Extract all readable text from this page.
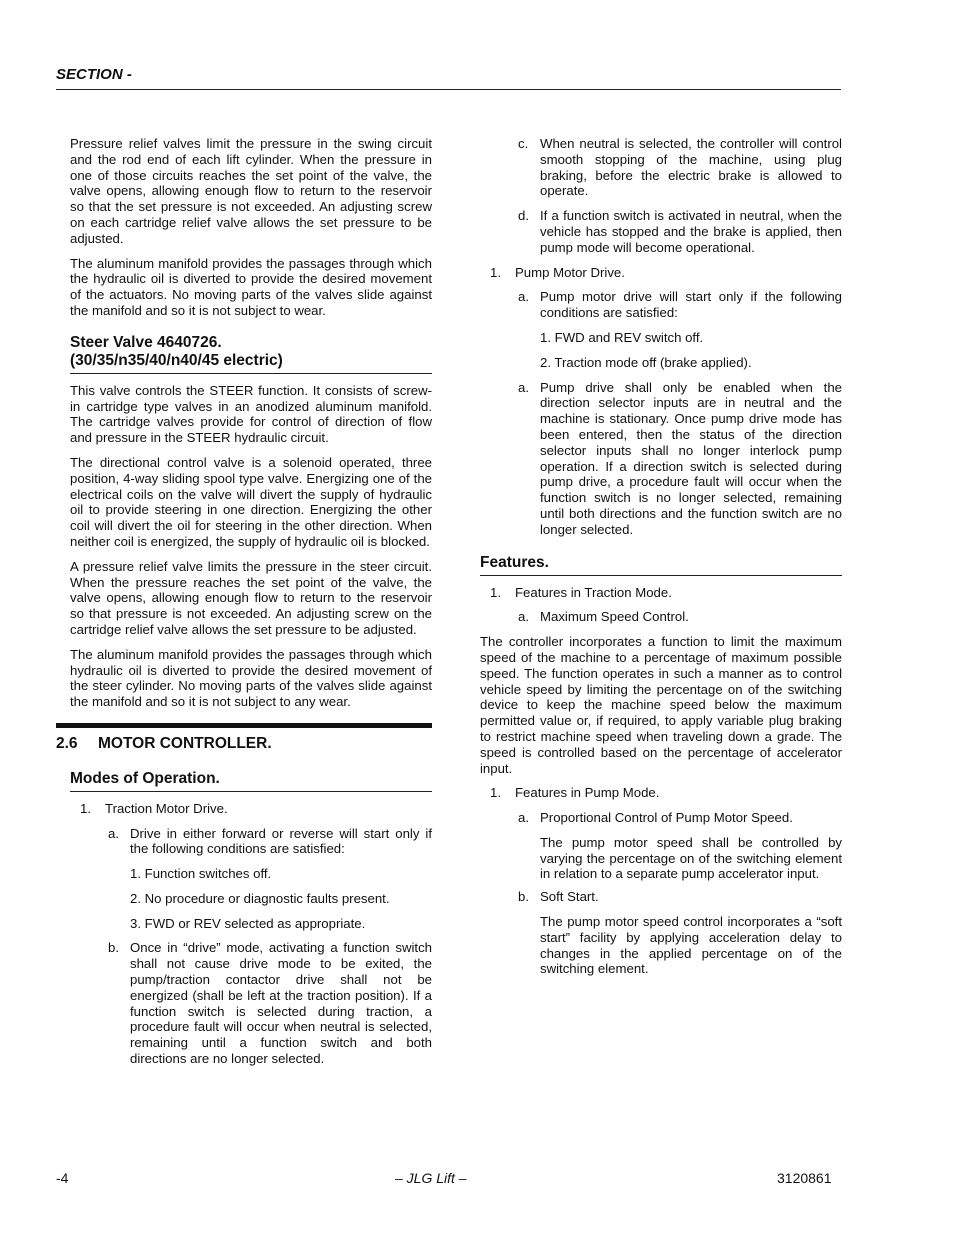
SECTION -

Pressure relief valves limit the pressure in the swing circuit and the rod end of each lift cylinder. When the pressure in one of those circuits reaches the set point of the valve, the valve opens, allowing enough flow to return to the reservoir so that the set pressure is not exceeded. An adjusting screw on each cartridge relief valve allows the set pressure to be adjusted.

The aluminum manifold provides the passages through which the hydraulic oil is diverted to provide the desired movement of the actuators. No moving parts of the valves slide against the manifold and so it is not subject to wear.

Steer Valve 4640726.
(30/35/n35/40/n40/45 electric)

This valve controls the STEER function. It consists of screw-in cartridge type valves in an anodized aluminum manifold. The cartridge valves provide for control of direction of flow and pressure in the STEER hydraulic circuit.

The directional control valve is a solenoid operated, three position, 4-way sliding spool type valve. Energizing one of the electrical coils on the valve will divert the supply of hydraulic oil to provide steering in one direction. Energizing the other coil will divert the oil for steering in the other direction. When neither coil is energized, the supply of hydraulic oil is blocked.

A pressure relief valve limits the pressure in the steer circuit. When the pressure reaches the set point of the valve, the valve opens, allowing enough flow to return to the reservoir so that pressure is not exceeded. An adjusting screw on the cartridge relief valve allows the set pressure to be adjusted.

The aluminum manifold provides the passages through which hydraulic oil is diverted to provide the desired movement of the steer cylinder. No moving parts of the valves slide against the manifold and so it is not subject to any wear.

2.6 MOTOR CONTROLLER.
Modes of Operation.
1.	Traction Motor Drive.
a. Drive in either forward or reverse will start only if the following conditions are satisfied:
1. Function switches off.
2. No procedure or diagnostic faults present.
3. FWD or REV selected as appropriate.
b. Once in “drive” mode, activating a function switch shall not cause drive mode to be exited, the pump/traction contactor drive shall not be energized (shall be left at the traction position). If a function switch is selected during traction, a procedure fault will occur when neutral is selected, remaining until a function switch and both directions are no longer selected.
c. When neutral is selected, the controller will control smooth stopping of the machine, using plug braking, before the electric brake is allowed to operate.
d. If a function switch is activated in neutral, when the vehicle has stopped and the brake is applied, then pump mode will become operational.
1.	Pump Motor Drive.
a. Pump motor drive will start only if the following conditions are satisfied:
1. FWD and REV switch off.
2. Traction mode off (brake applied).
a. Pump drive shall only be enabled when the direction selector inputs are in neutral and the machine is stationary. Once pump drive mode has been entered, then the status of the direction selector inputs shall no longer interlock pump operation. If a direction switch is selected during pump drive, a procedure fault will occur when the function switch is no longer selected, remaining until both directions and the function switch are no longer selected.
Features.
1.	Features in Traction Mode.
a. Maximum Speed Control.

The controller incorporates a function to limit the maximum speed of the machine to a percentage of maximum possible speed. The function operates in such a manner as to control vehicle speed by limiting the percentage on of the switching device to keep the machine speed below the maximum permitted value or, if required, to apply variable plug braking to restrict machine speed when traveling down a grade. The speed is controlled based on the percentage of accelerator input.

1.	Features in Pump Mode.
a. Proportional Control of Pump Motor Speed.
The pump motor speed shall be controlled by varying the percentage on of the switching element in relation to a separate pump accelerator input.
b. Soft Start.
The pump motor speed control incorporates a “soft start” facility by applying acceleration delay to changes in the applied percentage on of the switching element.
-4	– JLG Lift –	3120861
